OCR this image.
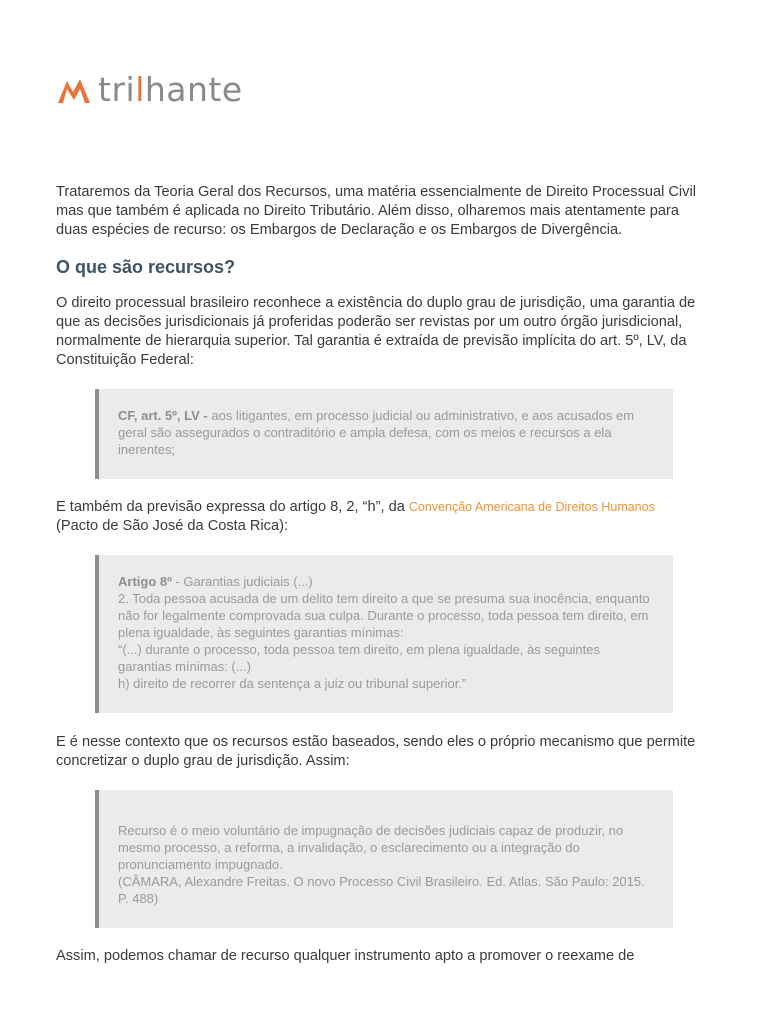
trilhante

Trataremos da Teoria Geral dos Recursos, uma matéria essencialmente de Direito Processual Civil mas que também é aplicada no Direito Tributário. Além disso, olharemos mais atentamente para duas espécies de recurso: os Embargos de Declaração e os Embargos de Divergência.

O que são recursos?

O direito processual brasileiro reconhece a existência do duplo grau de jurisdição, uma garantia de que as decisões jurisdicionais já proferidas poderão ser revistas por um outro órgão jurisdicional, normalmente de hierarquia superior. Tal garantia é extraída de previsão implícita do art. 5º, LV, da Constituição Federal:

CF, art. 5º, LV - aos litigantes, em processo judicial ou administrativo, e aos acusados em geral são assegurados o contraditório e ampla defesa, com os meios e recursos a ela inerentes;

E também da previsão expressa do artigo 8, 2, “h”, da Convenção Americana de Direitos Humanos
(Pacto de São José da Costa Rica):

Artigo 8º - Garantias judiciais (...)
2. Toda pessoa acusada de um delito tem direito a que se presuma sua inocência, enquanto não for legalmente comprovada sua culpa. Durante o processo, toda pessoa tem direito, em plena igualdade, às seguintes garantias mínimas:
“(...) durante o processo, toda pessoa tem direito, em plena igualdade, às seguintes garantias mínimas: (...)
h) direito de recorrer da sentença a juiz ou tribunal superior.”

E é nesse contexto que os recursos estão baseados, sendo eles o próprio mecanismo que permite concretizar o duplo grau de jurisdição. Assim:

Recurso é o meio voluntário de impugnação de decisões judiciais capaz de produzir, no mesmo processo, a reforma, a invalidação, o esclarecimento ou a integração do pronunciamento impugnado.
(CÂMARA, Alexandre Freitas. O novo Processo Civil Brasileiro. Ed. Atlas. São Paulo: 2015. P. 488)

Assim, podemos chamar de recurso qualquer instrumento apto a promover o reexame de
